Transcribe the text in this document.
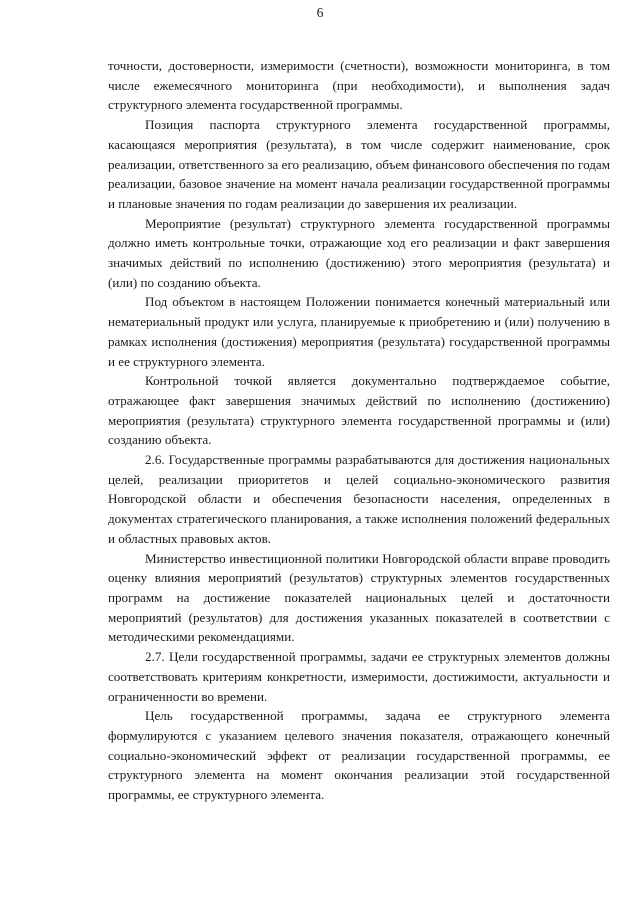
6

точности, достоверности, измеримости (счетности), возможности мониторинга, в том числе ежемесячного мониторинга (при необходимости), и выполнения задач структурного элемента государственной программы.

Позиция паспорта структурного элемента государственной программы, касающаяся мероприятия (результата), в том числе содержит наименование, срок реализации, ответственного за его реализацию, объем финансового обеспечения по годам реализации, базовое значение на момент начала реализации государственной программы и плановые значения по годам реализации до завершения их реализации.

Мероприятие (результат) структурного элемента государственной программы должно иметь контрольные точки, отражающие ход его реализации и факт завершения значимых действий по исполнению (достижению) этого мероприятия (результата) и (или) по созданию объекта.

Под объектом в настоящем Положении понимается конечный материальный или нематериальный продукт или услуга, планируемые к приобретению и (или) получению в рамках исполнения (достижения) мероприятия (результата) государственной программы и ее структурного элемента.

Контрольной точкой является документально подтверждаемое событие, отражающее факт завершения значимых действий по исполнению (достижению) мероприятия (результата) структурного элемента государственной программы и (или) созданию объекта.

2.6. Государственные программы разрабатываются для достижения национальных целей, реализации приоритетов и целей социально-экономического развития Новгородской области и обеспечения безопасности населения, определенных в документах стратегического планирования, а также исполнения положений федеральных и областных правовых актов.

Министерство инвестиционной политики Новгородской области вправе проводить оценку влияния мероприятий (результатов) структурных элементов государственных программ на достижение показателей национальных целей и достаточности мероприятий (результатов) для достижения указанных показателей в соответствии с методическими рекомендациями.

2.7. Цели государственной программы, задачи ее структурных элементов должны соответствовать критериям конкретности, измеримости, достижимости, актуальности и ограниченности во времени.

Цель государственной программы, задача ее структурного элемента формулируются с указанием целевого значения показателя, отражающего конечный социально-экономический эффект от реализации государственной программы, ее структурного элемента на момент окончания реализации этой государственной программы, ее структурного элемента.
